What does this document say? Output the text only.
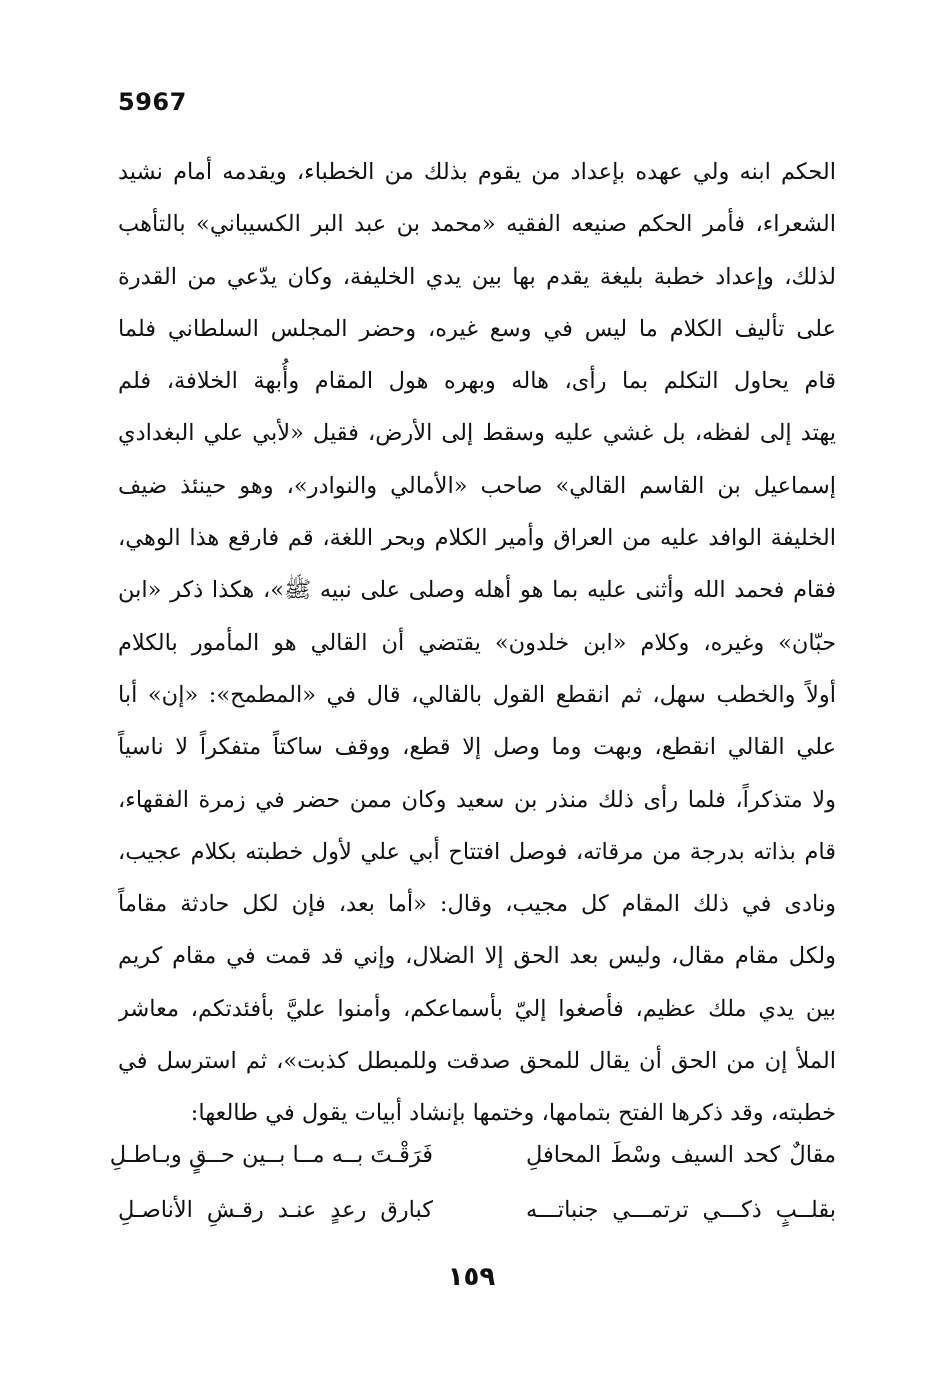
5967
الحكم ابنه ولي عهده بإعداد من يقوم بذلك من الخطباء، ويقدمه أمام نشيد
الشعراء، فأمر الحكم صنيعه الفقيه «محمد بن عبد البر الكسيباني» بالتأهب
لذلك، وإعداد خطبة بليغة يقدم بها بين يدي الخليفة، وكان يدّعي من القدرة
على تأليف الكلام ما ليس في وسع غيره، وحضر المجلس السلطاني فلما
قام يحاول التكلم بما رأى، هاله وبهره هول المقام وأُبهة الخلافة، فلم
يهتد إلى لفظه، بل غشي عليه وسقط إلى الأرض، فقيل «لأبي علي البغدادي
إسماعيل بن القاسم القالي» صاحب «الأمالي والنوادر»، وهو حينئذ ضيف
الخليفة الوافد عليه من العراق وأمير الكلام وبحر اللغة، قم فارقع هذا الوهي،
فقام فحمد الله وأثنى عليه بما هو أهله وصلى على نبيه ﷺ»، هكذا ذكر «ابن
حبّان» وغيره، وكلام «ابن خلدون» يقتضي أن القالي هو المأمور بالكلام
أولاً والخطب سهل، ثم انقطع القول بالقالي، قال في «المطمح»: «إن» أبا
علي القالي انقطع، وبهت وما وصل إلا قطع، ووقف ساكتاً متفكراً لا ناسياً
ولا متذكراً، فلما رأى ذلك منذر بن سعيد وكان ممن حضر في زمرة الفقهاء،
قام بذاته بدرجة من مرقاته، فوصل افتتاح أبي علي لأول خطبته بكلام عجيب،
ونادى في ذلك المقام كل مجيب، وقال: «أما بعد، فإن لكل حادثة مقاماً
ولكل مقام مقال، وليس بعد الحق إلا الضلال، وإني قد قمت في مقام كريم
بين يدي ملك عظيم، فأصغوا إليّ بأسماعكم، وأمنوا عليَّ بأفئدتكم، معاشر
الملأ إن من الحق أن يقال للمحق صدقت وللمبطل كذبت»، ثم استرسل في
خطبته، وقد ذكرها الفتح بتمامها، وختمها بإنشاد أبيات يقول في طالعها:
مقالٌ كحد السيف وسْطَ المحافلِ
فَرَقْـتَ بــه مــا بــين حــقٍ وبـاطـلِ
بقلــبٍ ذكـــي ترتمـــي جنباتـــه
كبارق رعدٍ عنـد رقـشِ الأناصـلِ
١٥٩
